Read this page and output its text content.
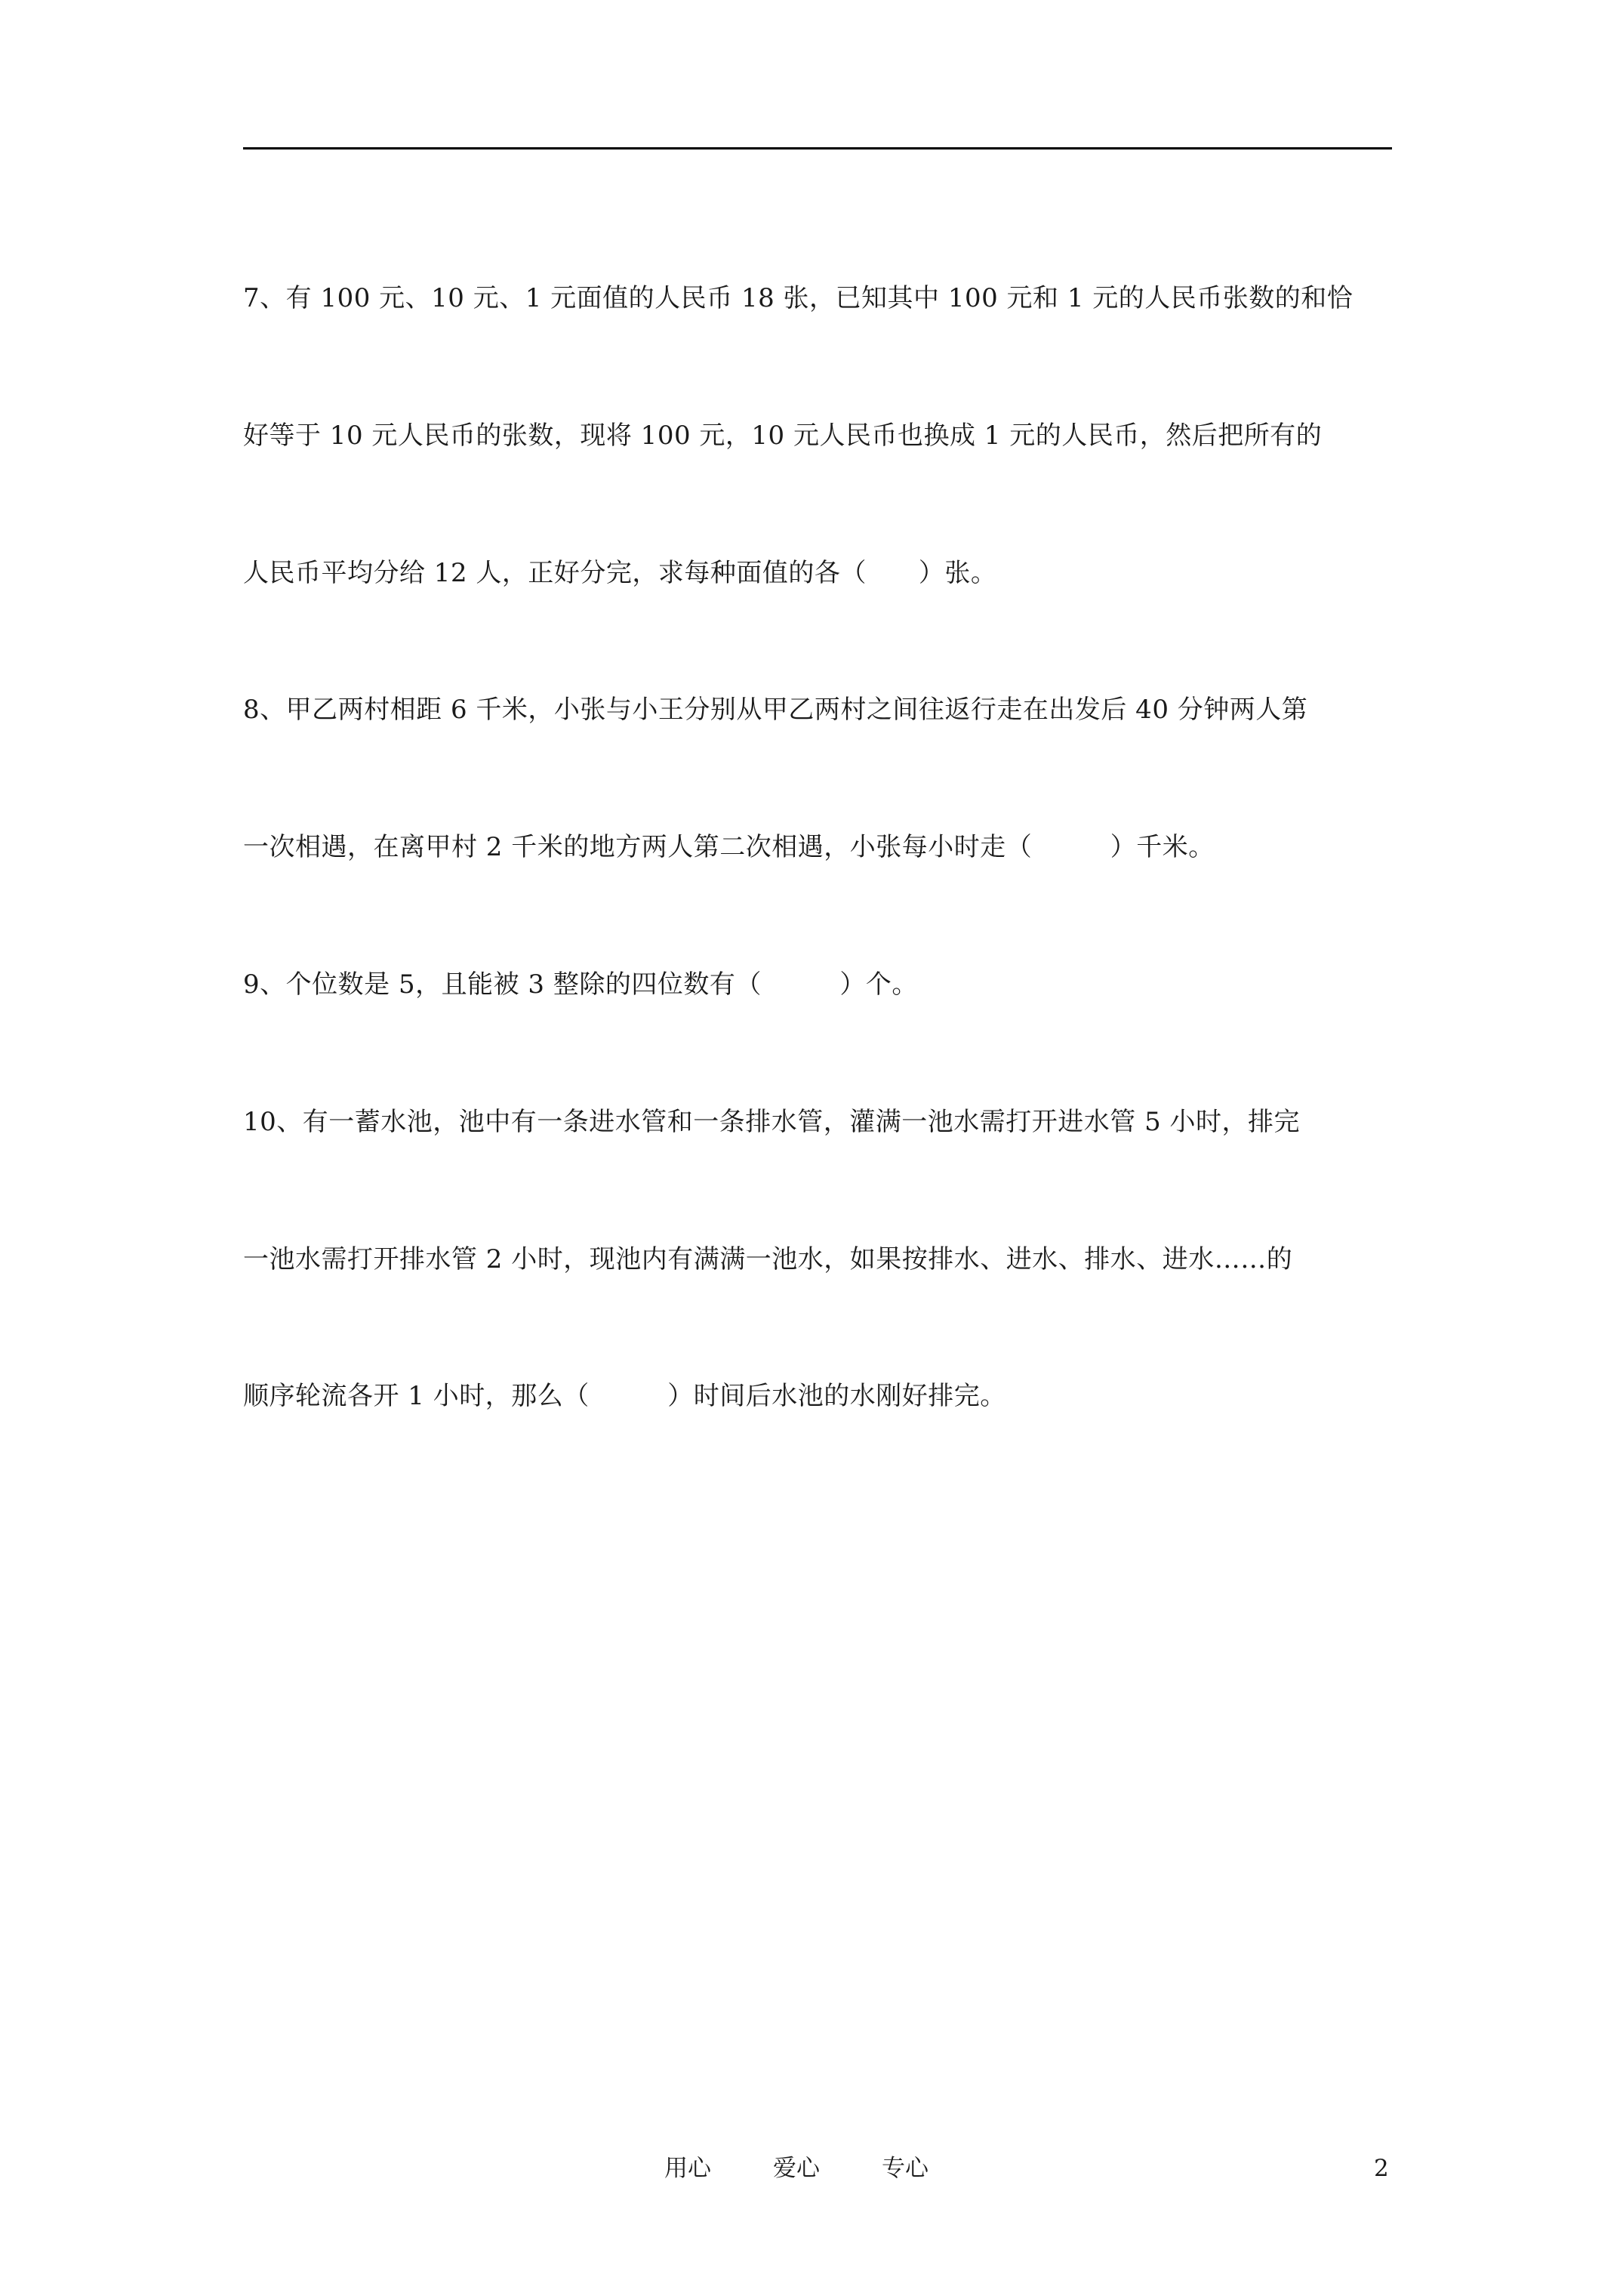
7、有 100 元、10 元、1 元面值的人民币 18 张，已知其中 100 元和 1 元的人民币张数的和恰
好等于 10 元人民币的张数，现将 100 元，10 元人民币也换成 1 元的人民币，然后把所有的
人民币平均分给 12 人，正好分完，求每种面值的各（　　）张。
8、甲乙两村相距 6 千米，小张与小王分别从甲乙两村之间往返行走在出发后 40 分钟两人第
一次相遇，在离甲村 2 千米的地方两人第二次相遇，小张每小时走（　　　）千米。
9、个位数是 5，且能被 3 整除的四位数有（　　　）个。
10、有一蓄水池，池中有一条进水管和一条排水管，灌满一池水需打开进水管 5 小时，排完
一池水需打开排水管 2 小时，现池内有满满一池水，如果按排水、进水、排水、进水……的
顺序轮流各开 1 小时，那么（　　　）时间后水池的水刚好排完。
用心	爱心	专心	2
